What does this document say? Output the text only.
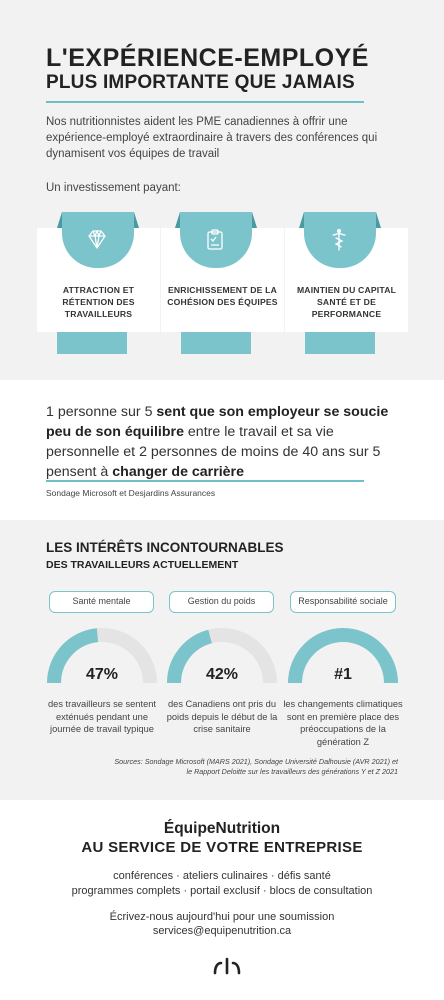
L'EXPÉRIENCE-EMPLOYÉ
PLUS IMPORTANTE QUE JAMAIS
Nos nutritionnistes aident les PME canadiennes à offrir une expérience-employé extraordinaire à travers des conférences qui dynamisent vos équipes de travail
Un investissement payant:
ATTRACTION ET RÉTENTION DES TRAVAILLEURS
ENRICHISSEMENT DE LA COHÉSION DES ÉQUIPES
MAINTIEN DU CAPITAL SANTÉ ET DE PERFORMANCE
1 personne sur 5 sent que son employeur se soucie peu de son équilibre entre le travail et sa vie personnelle et 2 personnes de moins de 40 ans sur 5 pensent à changer de carrière
Sondage Microsoft et Desjardins Assurances
LES INTÉRÊTS INCONTOURNABLES
DES TRAVAILLEURS ACTUELLEMENT
Santé mentale	Gestion du poids	Responsabilité sociale
47%	42%	#1
des travailleurs se sentent exténués pendant une journée de travail typique
des Canadiens ont pris du poids depuis le début de la crise sanitaire
les changements climatiques sont en première place des préoccupations de la génération Z
Sources: Sondage Microsoft (MARS 2021), Sondage Université Dalhousie (AVR 2021) et le Rapport Deloitte sur les travailleurs des générations Y et Z 2021
ÉquipeNutrition
AU SERVICE DE VOTRE ENTREPRISE
conférences · ateliers culinaires · défis santé
programmes complets · portail exclusif · blocs de consultation
Écrivez-nous aujourd'hui pour une soumission
services@equipenutrition.ca
